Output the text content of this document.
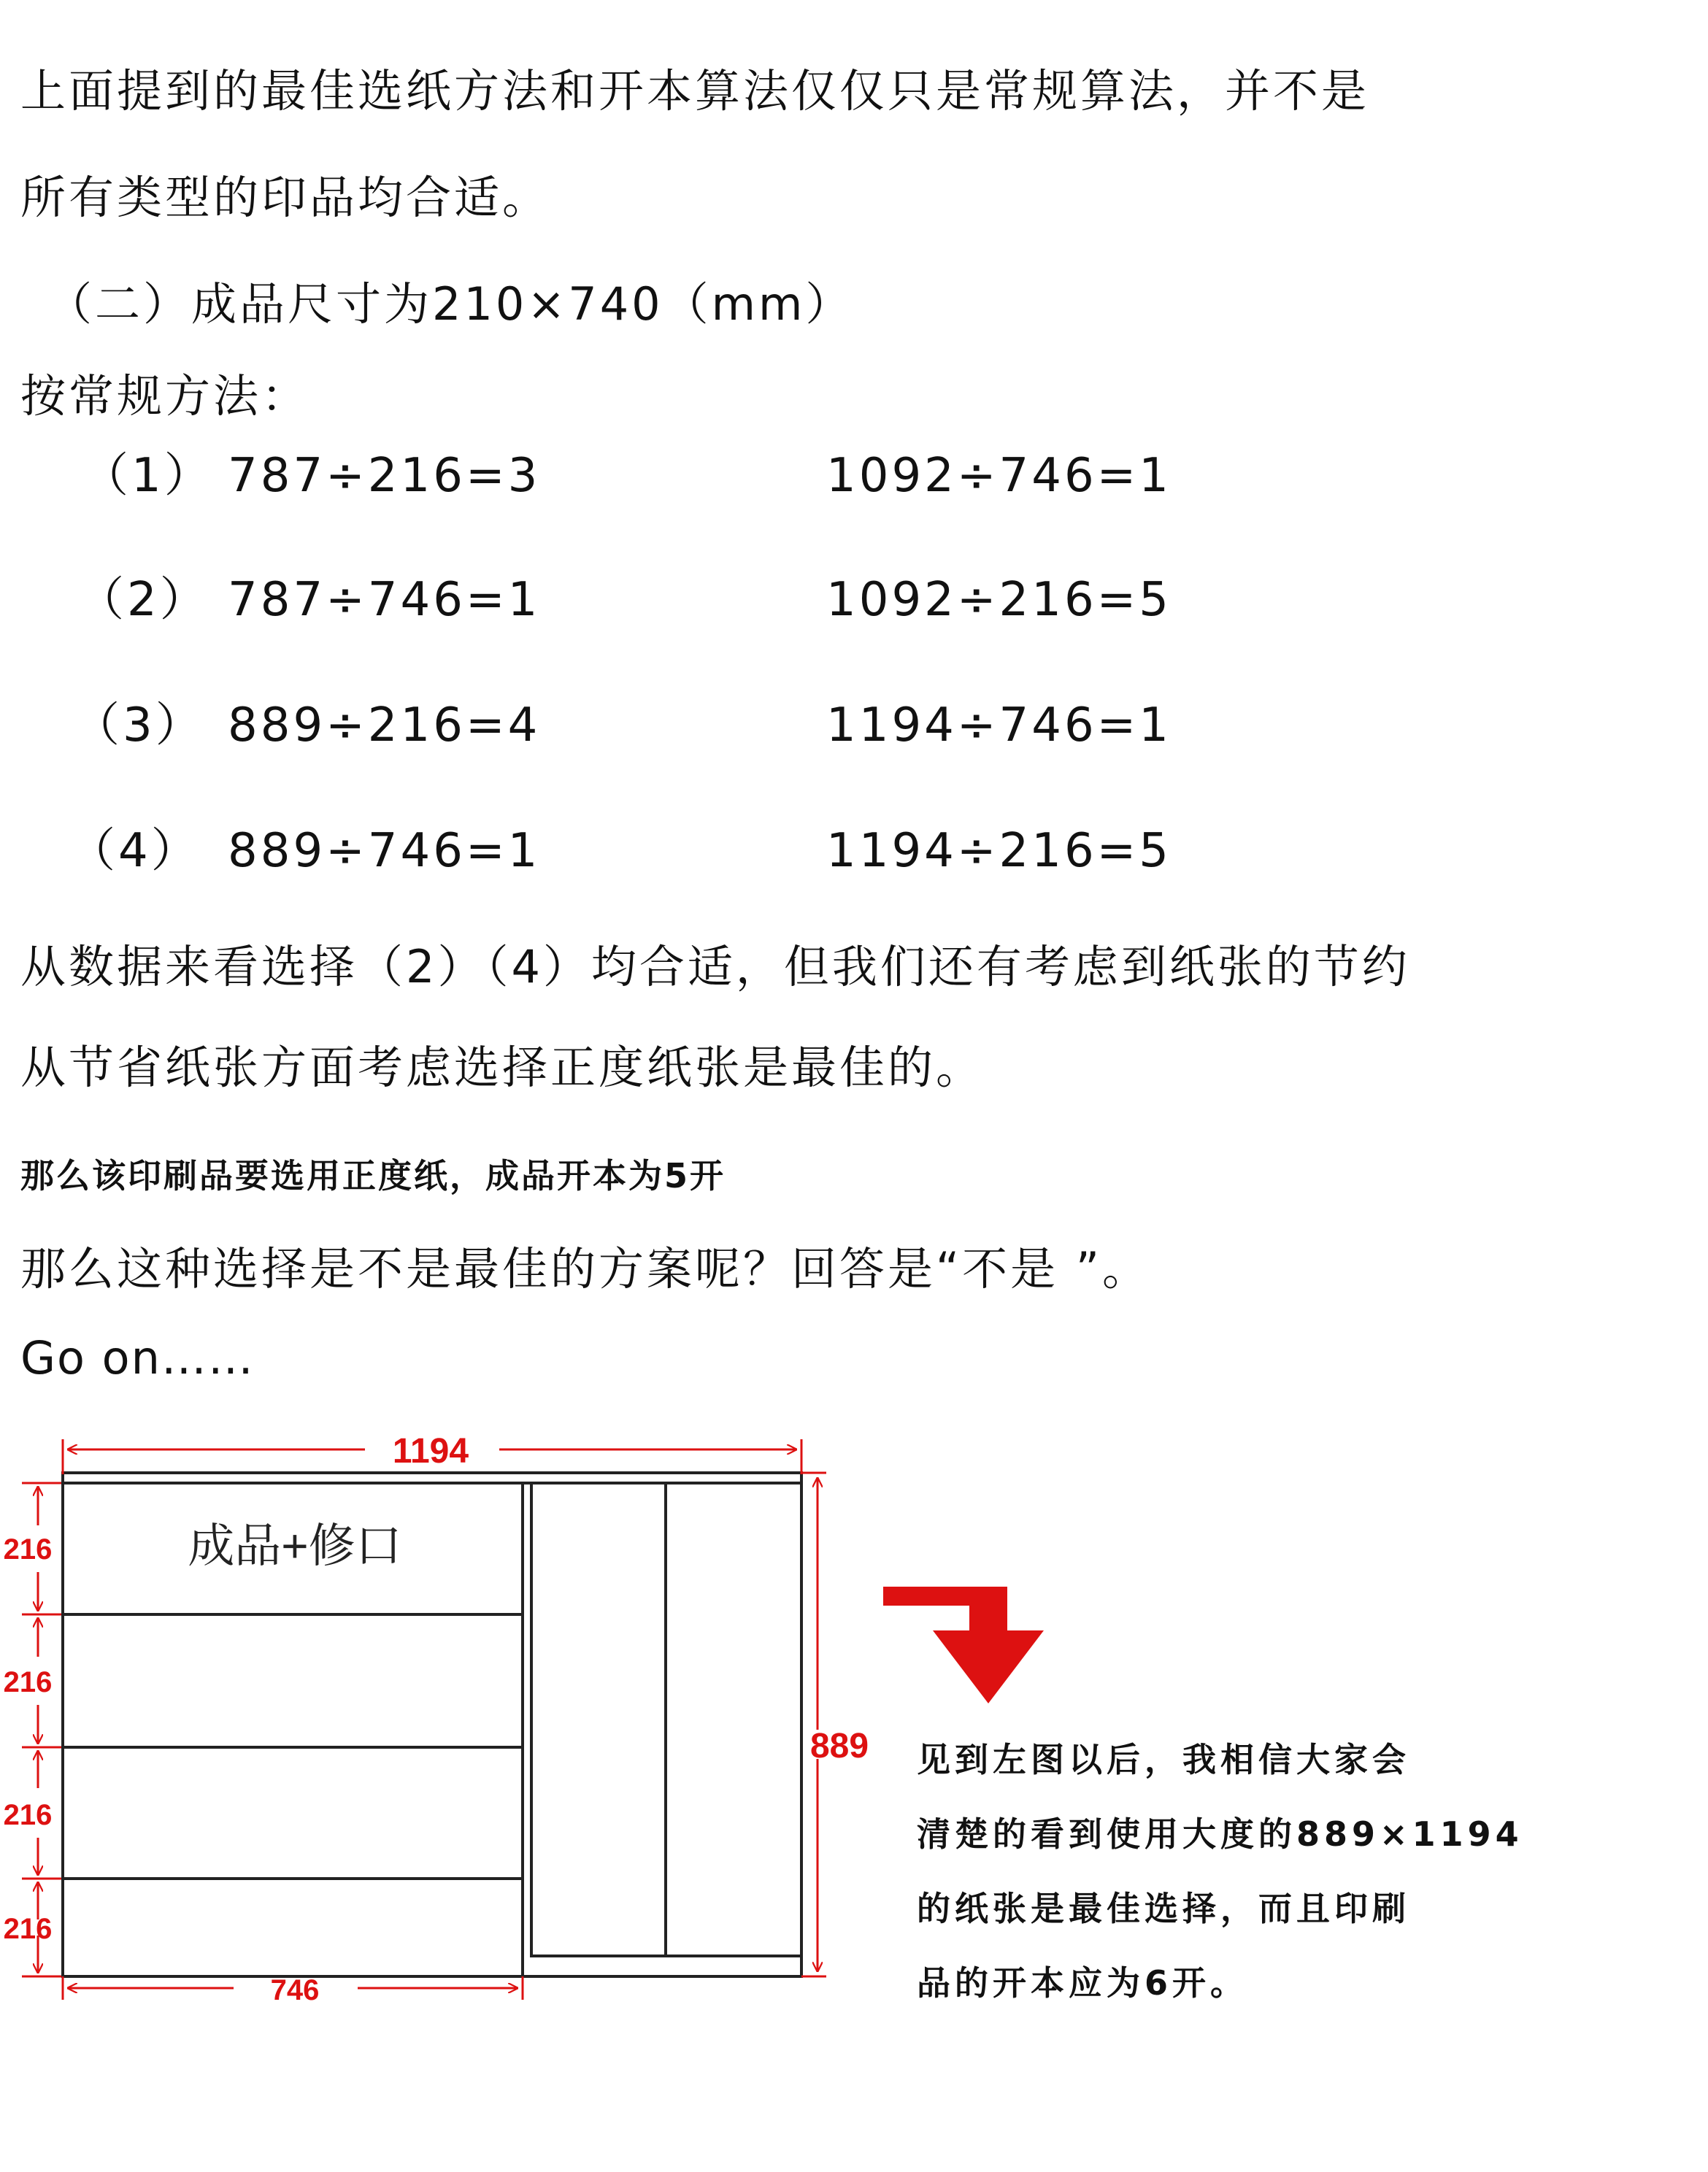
上面提到的最佳选纸方法和开本算法仅仅只是常规算法，并不是
所有类型的印品均合适。
（二）成品尺寸为210×740（mm）
按常规方法：
（1） 787÷216=3	1092÷746=1
（2） 787÷746=1	1092÷216=5
（3） 889÷216=4	1194÷746=1
（4） 889÷746=1	1194÷216=5
从数据来看选择（2）（4）均合适，但我们还有考虑到纸张的节约
从节省纸张方面考虑选择正度纸张是最佳的。
那么该印刷品要选用正度纸，成品开本为5开
那么这种选择是不是最佳的方案呢？回答是“不是 ”。
Go on……
成品+修口
1194
889
746
216
216
216
216
见到左图以后，我相信大家会
清楚的看到使用大度的889×1194
的纸张是最佳选择，而且印刷
品的开本应为6开。
